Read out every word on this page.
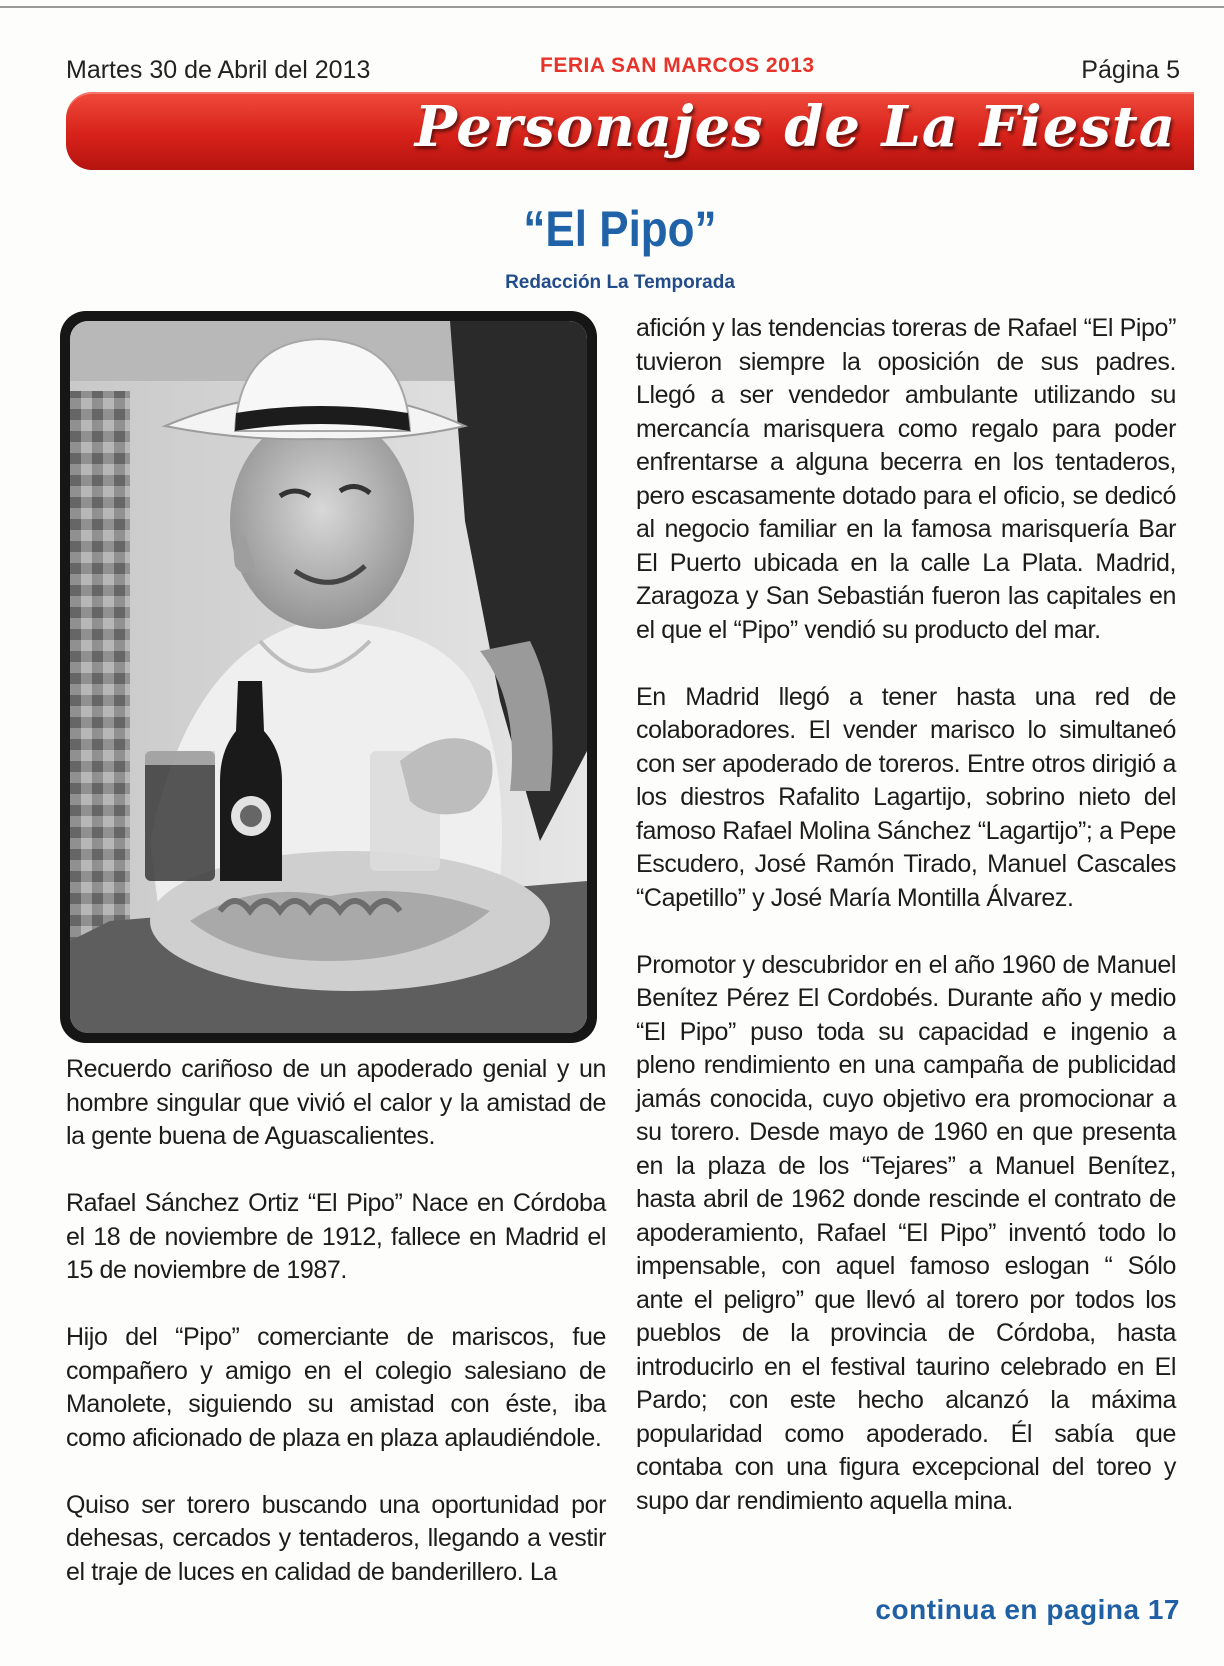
Martes 30 de Abril del 2013	FERIA SAN MARCOS 2013	Página 5
Personajes de La Fiesta
“El Pipo”
Redacción La Temporada

Recuerdo cariñoso de un apoderado genial y un hombre singular que vivió el calor y la amistad de la gente buena de Aguascalientes.

Rafael Sánchez Ortiz “El Pipo” Nace en Córdoba el 18 de noviembre de 1912, fallece en Madrid el 15 de noviembre de 1987.

Hijo del “Pipo” comerciante de mariscos, fue compañero y amigo en el colegio salesiano de Manolete, siguiendo su amistad con éste, iba como aficionado de plaza en plaza aplaudiéndole.

Quiso ser torero buscando una oportunidad por dehesas, cercados y tentaderos, llegando a vestir el traje de luces en calidad de banderillero. La

afición y las tendencias toreras de Rafael “El Pipo” tuvieron siempre la oposición de sus padres. Llegó a ser vendedor ambulante utilizando su mercancía marisquera como regalo para poder enfrentarse a alguna becerra en los tentaderos, pero escasamente dotado para el oficio, se dedicó al negocio familiar en la famosa marisquería Bar El Puerto ubicada en la calle La Plata. Madrid, Zaragoza y San Sebastián fueron las capitales en el que el “Pipo” vendió su producto del mar.

En Madrid llegó a tener hasta una red de colaboradores. El vender marisco lo simultaneó con ser apoderado de toreros. Entre otros dirigió a los diestros Rafalito Lagartijo, sobrino nieto del famoso Rafael Molina Sánchez “Lagartijo”; a Pepe Escudero, José Ramón Tirado, Manuel Cascales “Capetillo” y José María Montilla Álvarez.

Promotor y descubridor en el año 1960 de Manuel Benítez Pérez El Cordobés. Durante año y medio “El Pipo” puso toda su capacidad e ingenio a pleno rendimiento en una campaña de publicidad jamás conocida, cuyo objetivo era promocionar a su torero. Desde mayo de 1960 en que presenta en la plaza de los “Tejares” a Manuel Benítez, hasta abril de 1962 donde rescinde el contrato de apoderamiento, Rafael “El Pipo” inventó todo lo impensable, con aquel famoso eslogan “ Sólo ante el peligro” que llevó al torero por todos los pueblos de la provincia de Córdoba, hasta introducirlo en el festival taurino celebrado en El Pardo; con este hecho alcanzó la máxima popularidad como apoderado. Él sabía que contaba con una figura excepcional del toreo y supo dar rendimiento aquella mina.

continua en pagina 17
